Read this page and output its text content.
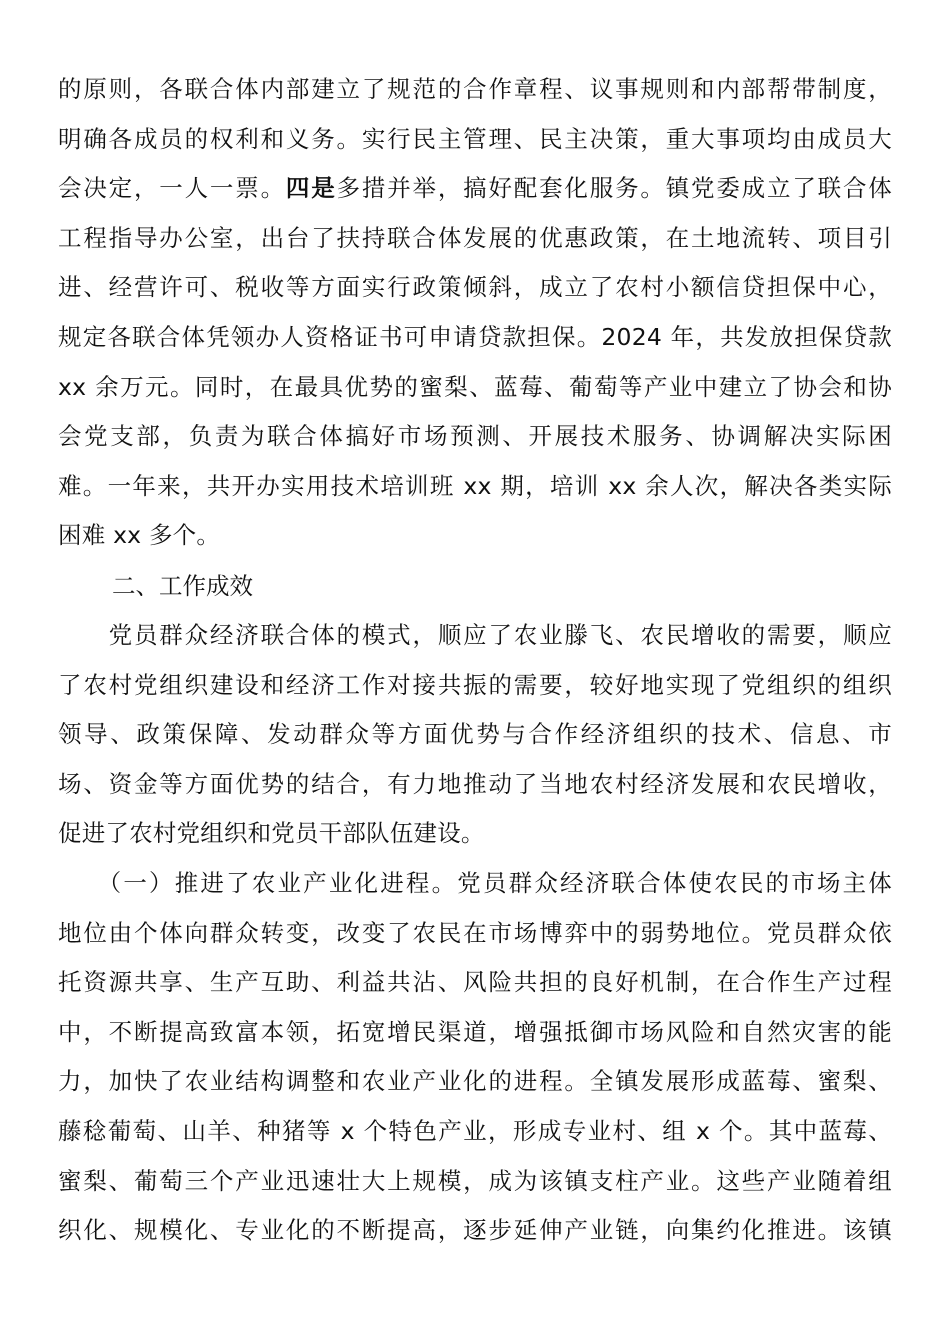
的原则，各联合体内部建立了规范的合作章程、议事规则和内部帮带制度，
明确各成员的权利和义务。实行民主管理、民主决策，重大事项均由成员大
会决定，一人一票。四是多措并举，搞好配套化服务。镇党委成立了联合体
工程指导办公室，出台了扶持联合体发展的优惠政策，在土地流转、项目引
进、经营许可、税收等方面实行政策倾斜，成立了农村小额信贷担保中心，
规定各联合体凭领办人资格证书可申请贷款担保。2024 年，共发放担保贷款
xx 余万元。同时，在最具优势的蜜梨、蓝莓、葡萄等产业中建立了协会和协
会党支部，负责为联合体搞好市场预测、开展技术服务、协调解决实际困
难。一年来，共开办实用技术培训班 xx 期，培训 xx 余人次，解决各类实际
困难 xx 多个。
二、工作成效
　　党员群众经济联合体的模式，顺应了农业滕飞、农民增收的需要，顺应
了农村党组织建设和经济工作对接共振的需要，较好地实现了党组织的组织
领导、政策保障、发动群众等方面优势与合作经济组织的技术、信息、市
场、资金等方面优势的结合，有力地推动了当地农村经济发展和农民增收，
促进了农村党组织和党员干部队伍建设。
　　（一）推进了农业产业化进程。党员群众经济联合体使农民的市场主体
地位由个体向群众转变，改变了农民在市场博弈中的弱势地位。党员群众依
托资源共享、生产互助、利益共沾、风险共担的良好机制，在合作生产过程
中，不断提高致富本领，拓宽增民渠道，增强抵御市场风险和自然灾害的能
力，加快了农业结构调整和农业产业化的进程。全镇发展形成蓝莓、蜜梨、
藤稔葡萄、山羊、种猪等 x 个特色产业，形成专业村、组 x 个。其中蓝莓、
蜜梨、葡萄三个产业迅速壮大上规模，成为该镇支柱产业。这些产业随着组
织化、规模化、专业化的不断提高，逐步延伸产业链，向集约化推进。该镇
